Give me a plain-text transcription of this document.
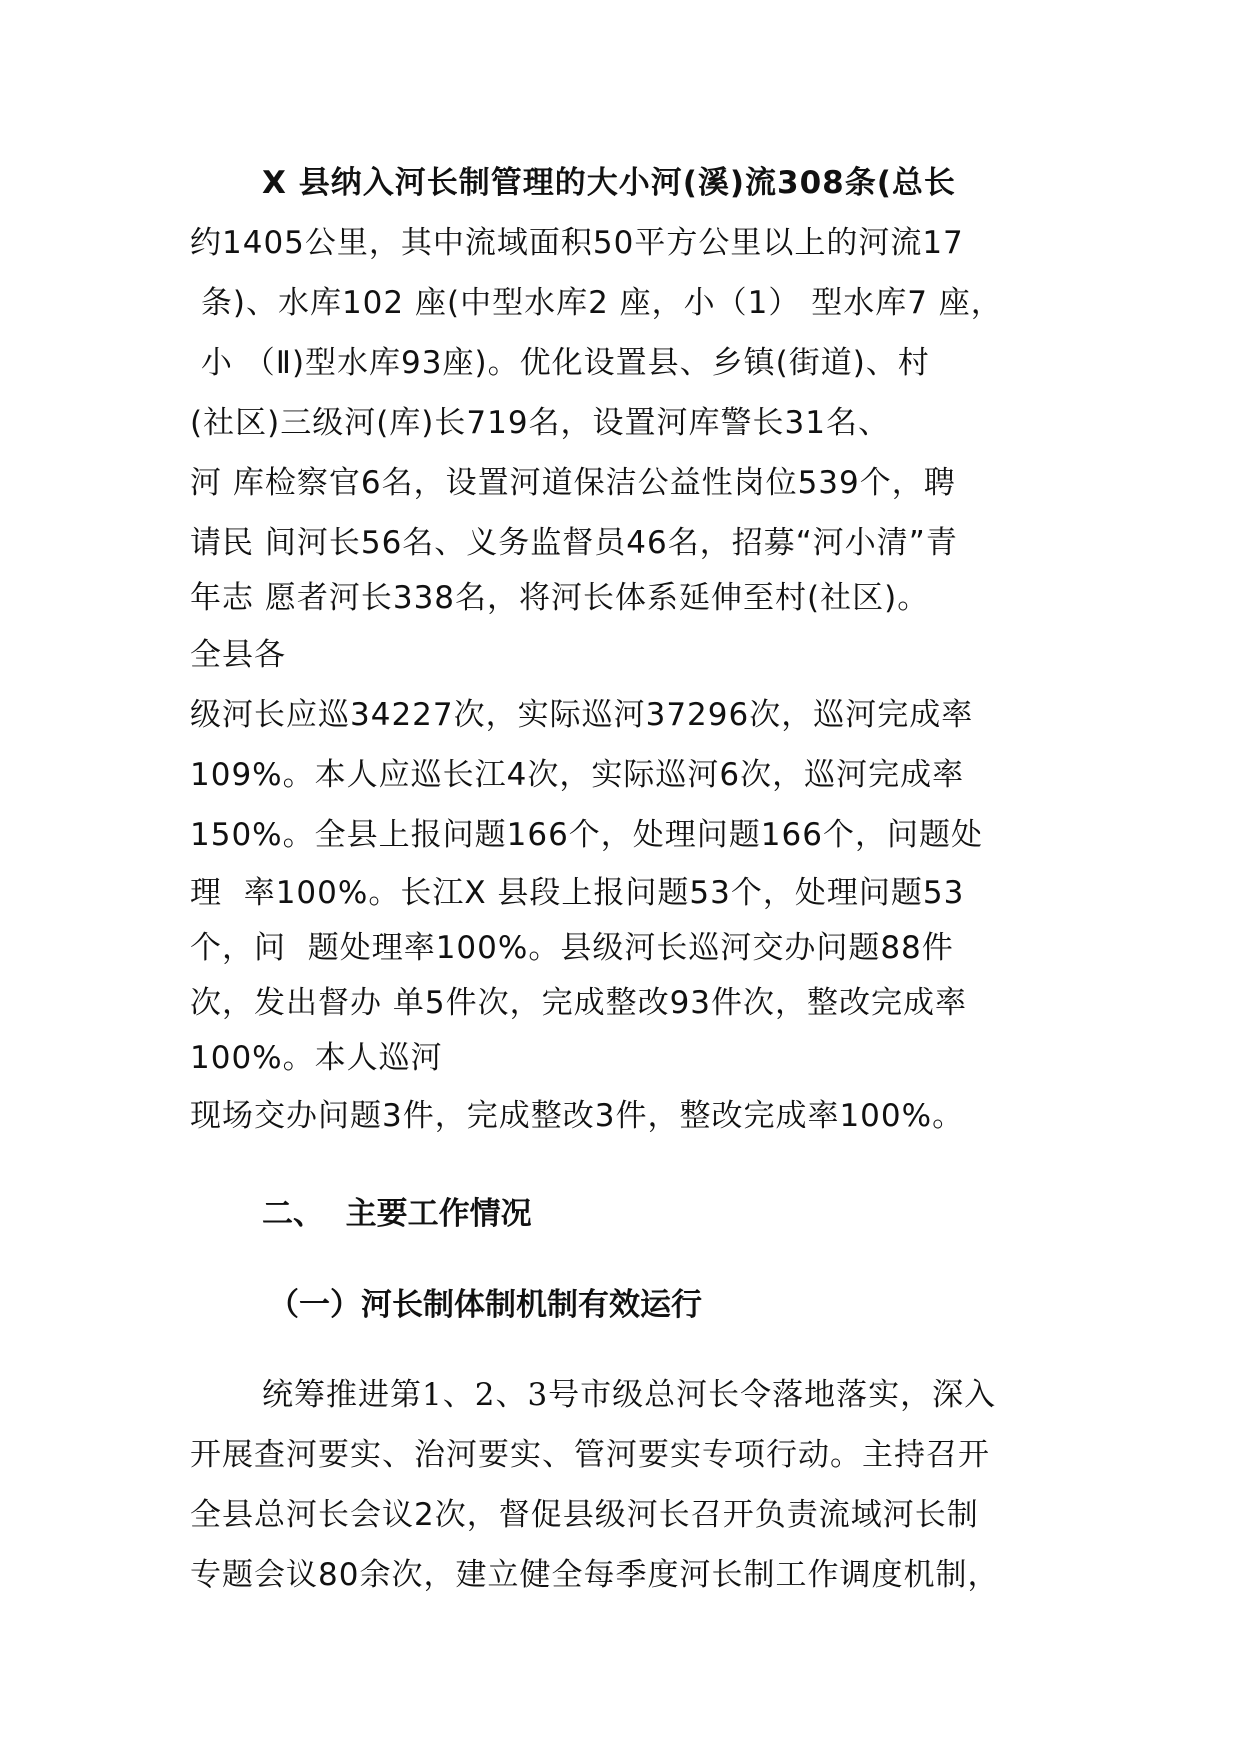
X 县纳入河长制管理的大小河(溪)流308条(总长
约1405公里，其中流域面积50平方公里以上的河流17
条)、水库102 座(中型水库2 座，小（1） 型水库7 座，
小 （Ⅱ)型水库93座)。优化设置县、乡镇(街道)、村
(社区)三级河(库)长719名，设置河库警长31名、
河 库检察官6名，设置河道保洁公益性岗位539个，聘
请民 间河长56名、义务监督员46名，招募“河小清”青
年志 愿者河长338名，将河长体系延伸至村(社区)。
全县各
级河长应巡34227次，实际巡河37296次，巡河完成率
109%。本人应巡长江4次，实际巡河6次，巡河完成率
150%。全县上报问题166个，处理问题166个，问题处
理  率100%。长江X 县段上报问题53个，处理问题53
个，问  题处理率100%。县级河长巡河交办问题88件
次，发出督办 单5件次，完成整改93件次，整改完成率
100%。本人巡河
现场交办问题3件，完成整改3件，整改完成率100%。
二、  主要工作情况
（一）河长制体制机制有效运行
统筹推进第1、2、3号市级总河长令落地落实，深入
开展查河要实、治河要实、管河要实专项行动。主持召开
全县总河长会议2次，督促县级河长召开负责流域河长制
专题会议80余次，建立健全每季度河长制工作调度机制，
